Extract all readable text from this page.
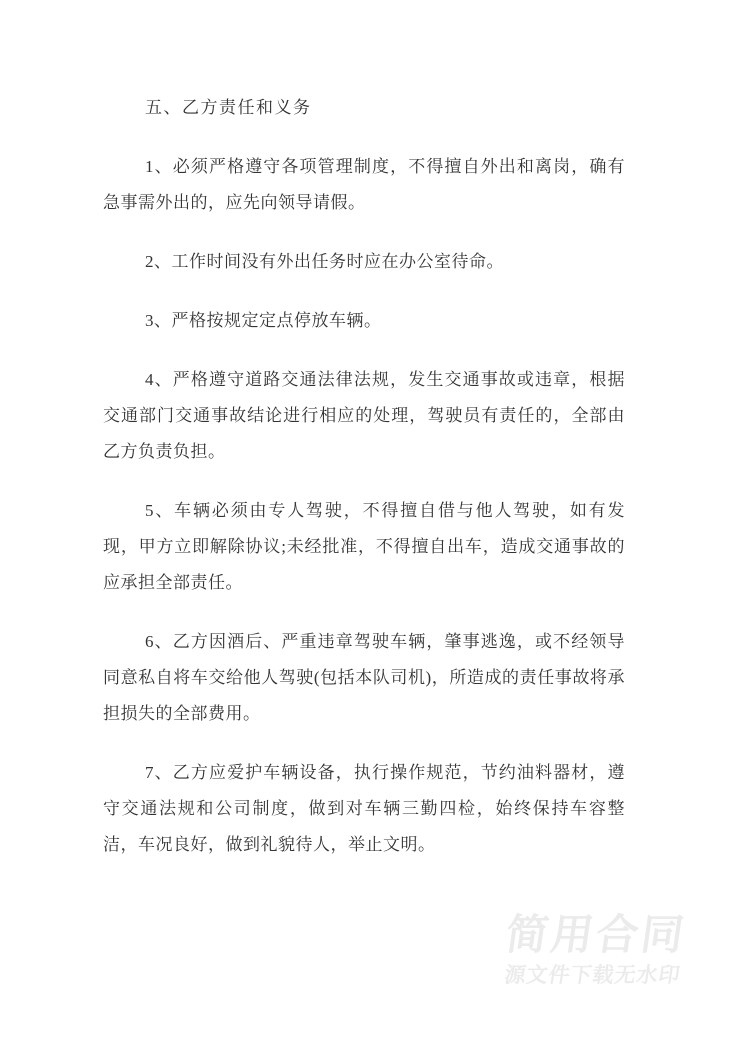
五、乙方责任和义务

1、必须严格遵守各项管理制度，不得擅自外出和离岗，确有急事需外出的，应先向领导请假。

2、工作时间没有外出任务时应在办公室待命。

3、严格按规定定点停放车辆。

4、严格遵守道路交通法律法规，发生交通事故或违章，根据交通部门交通事故结论进行相应的处理，驾驶员有责任的，全部由乙方负责负担。

5、车辆必须由专人驾驶，不得擅自借与他人驾驶，如有发现，甲方立即解除协议;未经批准，不得擅自出车，造成交通事故的应承担全部责任。

6、乙方因酒后、严重违章驾驶车辆，肇事逃逸，或不经领导同意私自将车交给他人驾驶(包括本队司机)，所造成的责任事故将承担损失的全部费用。

7、乙方应爱护车辆设备，执行操作规范，节约油料器材，遵守交通法规和公司制度，做到对车辆三勤四检，始终保持车容整洁，车况良好，做到礼貌待人，举止文明。

简用合同
源文件下载无水印
